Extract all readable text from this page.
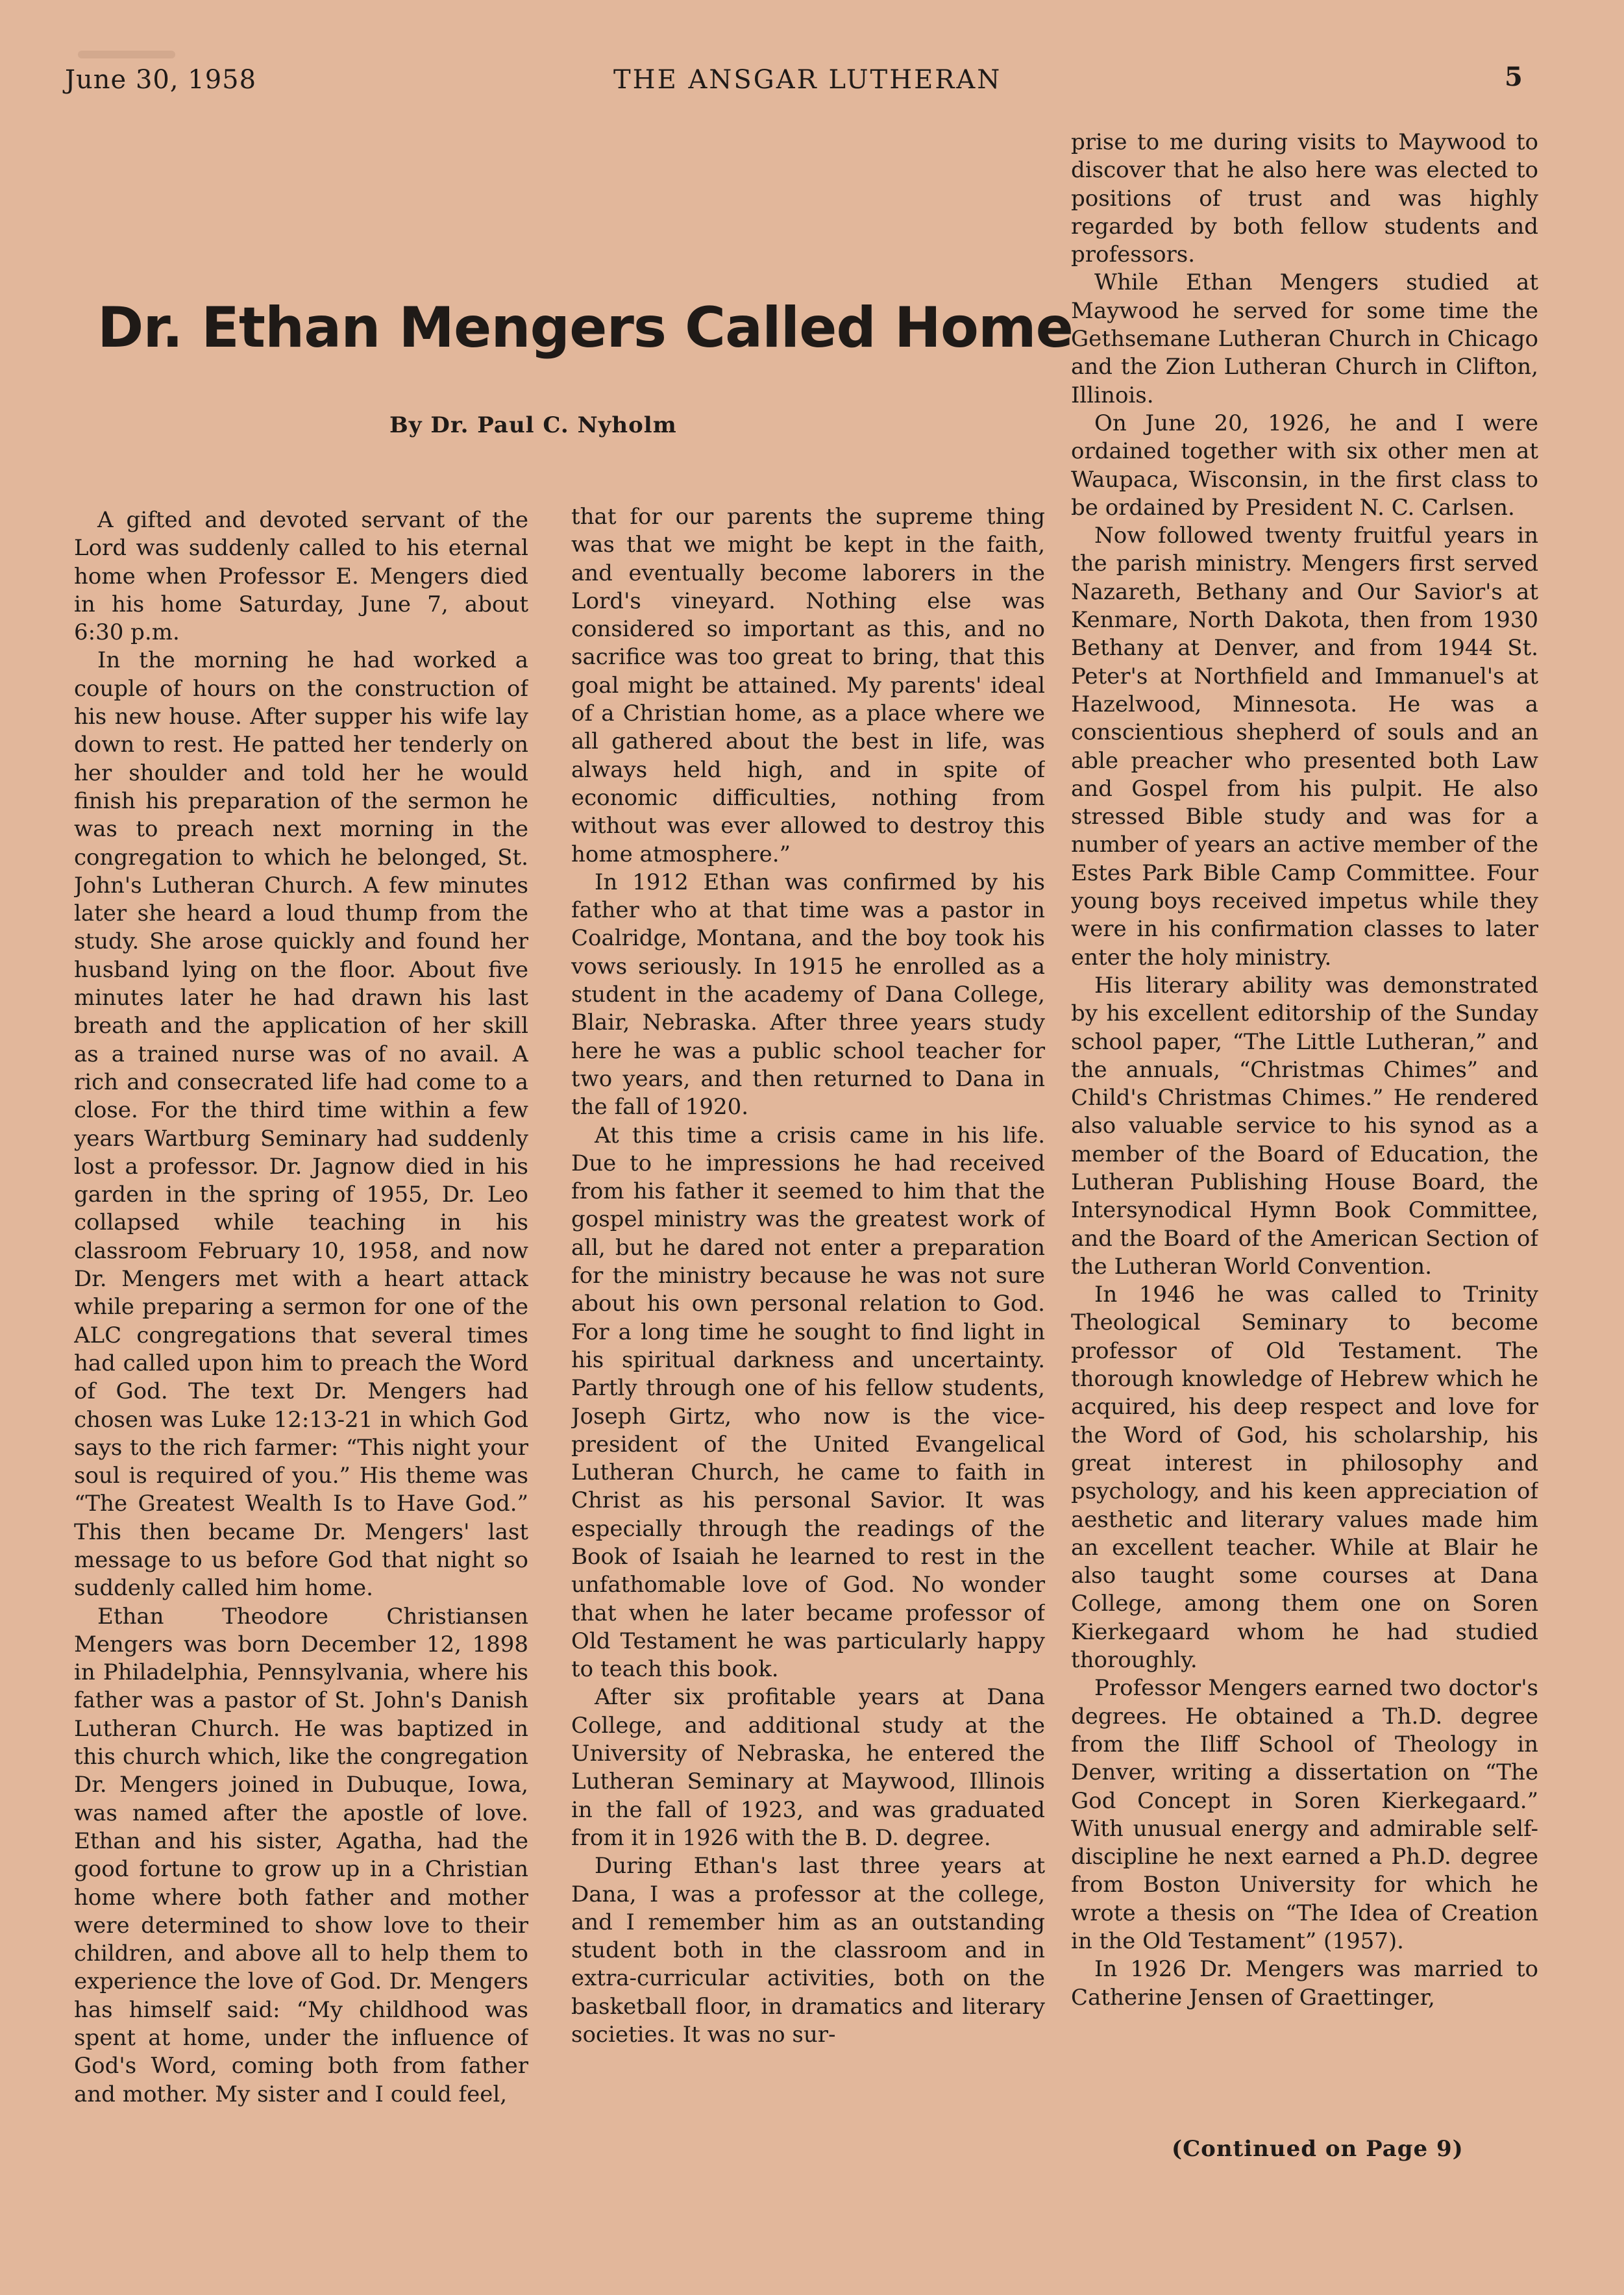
June 30, 1958	THE ANSGAR LUTHERAN	5
Dr. Ethan Mengers Called Home
By Dr. Paul C. Nyholm

A gifted and devoted servant of the Lord was suddenly called to his eternal home when Professor E. Mengers died in his home Saturday, June 7, about 6:30 p.m.

In the morning he had worked a couple of hours on the construction of his new house. After supper his wife lay down to rest. He patted her tenderly on her shoulder and told her he would finish his preparation of the sermon he was to preach next morning in the congregation to which he belonged, St. John's Lutheran Church. A few minutes later she heard a loud thump from the study. She arose quickly and found her husband lying on the floor. About five minutes later he had drawn his last breath and the application of her skill as a trained nurse was of no avail. A rich and consecrated life had come to a close. For the third time within a few years Wartburg Seminary had suddenly lost a professor. Dr. Jagnow died in his garden in the spring of 1955, Dr. Leo collapsed while teaching in his classroom February 10, 1958, and now Dr. Mengers met with a heart attack while preparing a sermon for one of the ALC congregations that several times had called upon him to preach the Word of God. The text Dr. Mengers had chosen was Luke 12:13-21 in which God says to the rich farmer: “This night your soul is required of you.” His theme was “The Greatest Wealth Is to Have God.” This then became Dr. Mengers' last message to us before God that night so suddenly called him home.

Ethan Theodore Christiansen Mengers was born December 12, 1898 in Philadelphia, Pennsylvania, where his father was a pastor of St. John's Danish Lutheran Church. He was baptized in this church which, like the congregation Dr. Mengers joined in Dubuque, Iowa, was named after the apostle of love. Ethan and his sister, Agatha, had the good fortune to grow up in a Christian home where both father and mother were determined to show love to their children, and above all to help them to experience the love of God. Dr. Mengers has himself said: “My childhood was spent at home, under the influence of God's Word, coming both from father and mother. My sister and I could feel,

that for our parents the supreme thing was that we might be kept in the faith, and eventually become laborers in the Lord's vineyard. Nothing else was considered so important as this, and no sacrifice was too great to bring, that this goal might be attained. My parents' ideal of a Christian home, as a place where we all gathered about the best in life, was always held high, and in spite of economic difficulties, nothing from without was ever allowed to destroy this home atmosphere.”

In 1912 Ethan was confirmed by his father who at that time was a pastor in Coalridge, Montana, and the boy took his vows seriously. In 1915 he enrolled as a student in the academy of Dana College, Blair, Nebraska. After three years study here he was a public school teacher for two years, and then returned to Dana in the fall of 1920.

At this time a crisis came in his life. Due to he impressions he had received from his father it seemed to him that the gospel ministry was the greatest work of all, but he dared not enter a preparation for the ministry because he was not sure about his own personal relation to God. For a long time he sought to find light in his spiritual darkness and uncertainty. Partly through one of his fellow students, Joseph Girtz, who now is the vice-president of the United Evangelical Lutheran Church, he came to faith in Christ as his personal Savior. It was especially through the readings of the Book of Isaiah he learned to rest in the unfathomable love of God. No wonder that when he later became professor of Old Testament he was particularly happy to teach this book.

After six profitable years at Dana College, and additional study at the University of Nebraska, he entered the Lutheran Seminary at Maywood, Illinois in the fall of 1923, and was graduated from it in 1926 with the B. D. degree.

During Ethan's last three years at Dana, I was a professor at the college, and I remember him as an outstanding student both in the classroom and in extra-curricular activities, both on the basketball floor, in dramatics and literary societies. It was no sur-

prise to me during visits to Maywood to discover that he also here was elected to positions of trust and was highly regarded by both fellow students and professors.

While Ethan Mengers studied at Maywood he served for some time the Gethsemane Lutheran Church in Chicago and the Zion Lutheran Church in Clifton, Illinois.

On June 20, 1926, he and I were ordained together with six other men at Waupaca, Wisconsin, in the first class to be ordained by President N. C. Carlsen.

Now followed twenty fruitful years in the parish ministry. Mengers first served Nazareth, Bethany and Our Savior's at Kenmare, North Dakota, then from 1930 Bethany at Denver, and from 1944 St. Peter's at Northfield and Immanuel's at Hazelwood, Minnesota. He was a conscientious shepherd of souls and an able preacher who presented both Law and Gospel from his pulpit. He also stressed Bible study and was for a number of years an active member of the Estes Park Bible Camp Committee. Four young boys received impetus while they were in his confirmation classes to later enter the holy ministry.

His literary ability was demonstrated by his excellent editorship of the Sunday school paper, “The Little Lutheran,” and the annuals, “Christmas Chimes” and Child's Christmas Chimes.” He rendered also valuable service to his synod as a member of the Board of Education, the Lutheran Publishing House Board, the Intersynodical Hymn Book Committee, and the Board of the American Section of the Lutheran World Convention.

In 1946 he was called to Trinity Theological Seminary to become professor of Old Testament. The thorough knowledge of Hebrew which he acquired, his deep respect and love for the Word of God, his scholarship, his great interest in philosophy and psychology, and his keen appreciation of aesthetic and literary values made him an excellent teacher. While at Blair he also taught some courses at Dana College, among them one on Soren Kierkegaard whom he had studied thoroughly.

Professor Mengers earned two doctor's degrees. He obtained a Th.D. degree from the Iliff School of Theology in Denver, writing a dissertation on “The God Concept in Soren Kierkegaard.” With unusual energy and admirable self-discipline he next earned a Ph.D. degree from Boston University for which he wrote a thesis on “The Idea of Creation in the Old Testament” (1957).

In 1926 Dr. Mengers was married to Catherine Jensen of Graettinger,

(Continued on Page 9)
